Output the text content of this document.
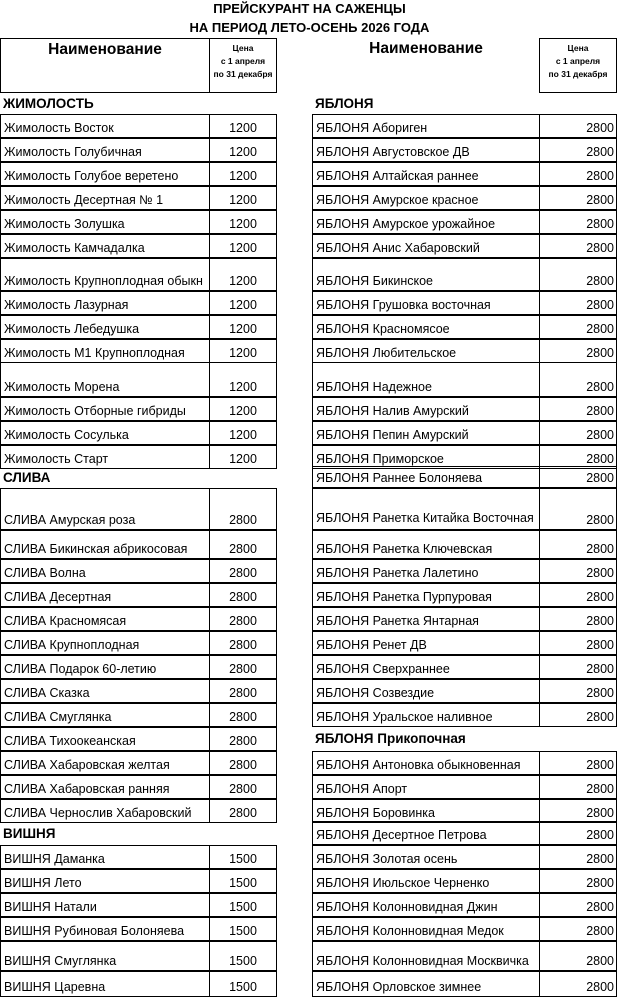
ПРЕЙСКУРАНТ НА САЖЕНЦЫ
НА ПЕРИОД ЛЕТО-ОСЕНЬ 2026 ГОДА
Наименование	Цена
с 1 апреля
по 31 декабря
Наименование	Цена
с 1 апреля
по 31 декабря
ЖИМОЛОСТЬ
Жимолость Восток	1200
Жимолость Голубичная	1200
Жимолость Голубое веретено	1200
Жимолость Десертная № 1	1200
Жимолость Золушка	1200
Жимолость Камчадалка	1200
Жимолость Крупноплодная обыкн	1200
Жимолость Лазурная	1200
Жимолость Лебедушка	1200
Жимолость М1 Крупноплодная	1200
Жимолость Морена	1200
Жимолость Отборные гибриды	1200
Жимолость Сосулька	1200
Жимолость Старт	1200
СЛИВА
СЛИВА Амурская роза	2800
СЛИВА Бикинская абрикосовая	2800
СЛИВА Волна	2800
СЛИВА Десертная	2800
СЛИВА Красномясая	2800
СЛИВА Крупноплодная	2800
СЛИВА Подарок 60-летию	2800
СЛИВА Сказка	2800
СЛИВА Смуглянка	2800
СЛИВА Тихоокеанская	2800
СЛИВА Хабаровская желтая	2800
СЛИВА Хабаровская ранняя	2800
СЛИВА Чернослив Хабаровский	2800
ВИШНЯ
ВИШНЯ Даманка	1500
ВИШНЯ Лето	1500
ВИШНЯ Натали	1500
ВИШНЯ Рубиновая Болоняева	1500
ВИШНЯ Смуглянка	1500
ВИШНЯ Царевна	1500
ЯБЛОНЯ
ЯБЛОНЯ Абориген	2800
ЯБЛОНЯ Августовское ДВ	2800
ЯБЛОНЯ Алтайская раннее	2800
ЯБЛОНЯ Амурское красное	2800
ЯБЛОНЯ Амурское урожайное	2800
ЯБЛОНЯ Анис Хабаровский	2800
ЯБЛОНЯ Бикинское	2800
ЯБЛОНЯ Грушовка восточная	2800
ЯБЛОНЯ Красномясое	2800
ЯБЛОНЯ Любительское	2800
ЯБЛОНЯ Надежное	2800
ЯБЛОНЯ Налив Амурский	2800
ЯБЛОНЯ Пепин Амурский	2800
ЯБЛОНЯ Приморское	2800
ЯБЛОНЯ Раннее Болоняева	2800
ЯБЛОНЯ Ранетка Китайка Восточная	2800
ЯБЛОНЯ Ранетка Ключевская	2800
ЯБЛОНЯ Ранетка Лалетино	2800
ЯБЛОНЯ Ранетка Пурпуровая	2800
ЯБЛОНЯ Ранетка Янтарная	2800
ЯБЛОНЯ Ренет ДВ	2800
ЯБЛОНЯ Сверхраннее	2800
ЯБЛОНЯ Созвездие	2800
ЯБЛОНЯ Уральское наливное	2800
ЯБЛОНЯ Прикопочная
ЯБЛОНЯ Антоновка обыкновенная	2800
ЯБЛОНЯ Апорт	2800
ЯБЛОНЯ Боровинка	2800
ЯБЛОНЯ Десертное Петрова	2800
ЯБЛОНЯ Золотая осень	2800
ЯБЛОНЯ Июльское Черненко	2800
ЯБЛОНЯ Колонновидная Джин	2800
ЯБЛОНЯ Колонновидная Медок	2800
ЯБЛОНЯ Колонновидная Москвичка	2800
ЯБЛОНЯ Орловское зимнее	2800
